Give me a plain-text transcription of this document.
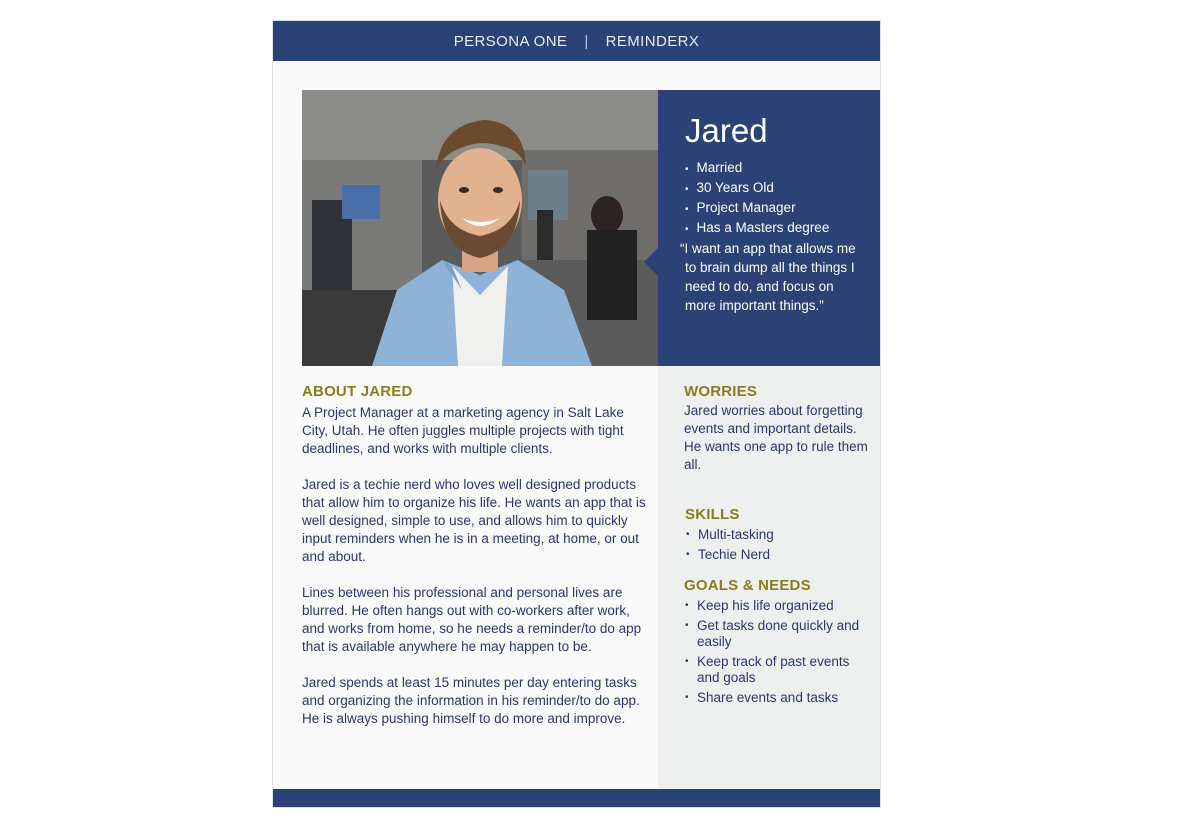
PERSONA ONE | REMINDERX
Jared
• Married
• 30 Years Old
• Project Manager
• Has a Masters degree
“I want an app that allows me to brain dump all the things I need to do, and focus on more important things.”
ABOUT JARED

A Project Manager at a marketing agency in Salt Lake City, Utah. He often juggles multiple projects with tight deadlines, and works with multiple clients.

Jared is a techie nerd who loves well designed products that allow him to organize his life. He wants an app that is well designed, simple to use, and allows him to quickly input reminders when he is in a meeting, at home, or out and about.

Lines between his professional and personal lives are blurred. He often hangs out with co-workers after work, and works from home, so he needs a reminder/to do app that is available anywhere he may happen to be.

Jared spends at least 15 minutes per day entering tasks and organizing the information in his reminder/to do app. He is always pushing himself to do more and improve.

WORRIES

Jared worries about forgetting events and important details. He wants one app to rule them all.

SKILLS
• Multi-tasking
• Techie Nerd
GOALS & NEEDS
• Keep his life organized
• Get tasks done quickly and easily
• Keep track of past events and goals
• Share events and tasks
